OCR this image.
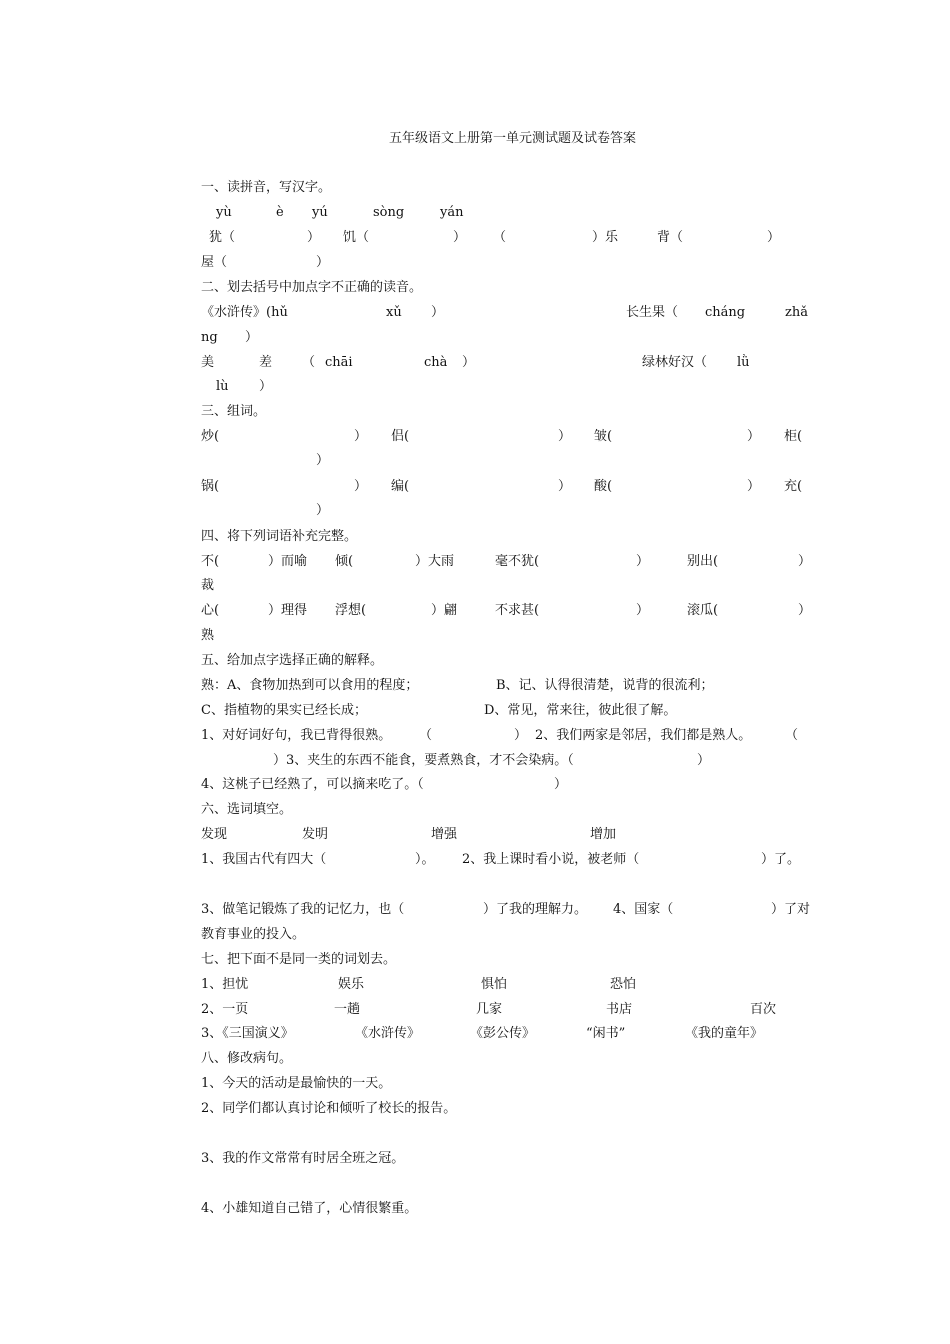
五年级语文上册第一单元测试题及试卷答案
一、读拼音，写汉字。
yù	è yú	sòng	yán
犹（	） 饥（	） （	）乐	背（	）
屋（	）
二、划去括号中加点字不正确的读音。
《水浒传》(hǔ	xǔ ）	长生果（ cháng	zhǎ
ng ）
美	差 （ chāi	chà ）	绿林好汉（ lǜ
lù ）
三、组词。
炒(	） 侣(	） 皱(	） 柜(
）
锅(	） 编(	） 酸(	） 充(
）
四、将下列词语补充完整。
不(	）而喻 倾(	）大雨	毫不犹(	）	别出(	）
裁
心(	）理得 浮想(	）翩	不求甚(	）	滚瓜(	）
熟
五、给加点字选择正确的解释。
熟：A、食物加热到可以食用的程度；	B、记、认得很清楚，说背的很流利；
C、指植物的果实已经长成；	D、常见，常来往，彼此很了解。
1、对好词好句，我已背得很熟。 （	） 2、我们两家是邻居，我们都是熟人。	（
）3、夹生的东西不能食，要煮熟食，才不会染病。（	）
4、这桃子已经熟了，可以摘来吃了。（	）
六、选词填空。
发现	发明	增强	增加
1、我国古代有四大（	）。 2、我上课时看小说，被老师（	）了。
3、做笔记锻炼了我的记忆力，也（	）了我的理解力。 4、国家（	）了对
教育事业的投入。
七、把下面不是同一类的词划去。
1、担忧	娱乐	惧怕	恐怕
2、一页	一趟	几家	书店	百次
3、《三国演义》	《水浒传》	《彭公传》	“闲书”	《我的童年》
八、修改病句。
1、今天的活动是最愉快的一天。
2、同学们都认真讨论和倾听了校长的报告。
3、我的作文常常有时居全班之冠。
4、小雄知道自己错了，心情很繁重。
